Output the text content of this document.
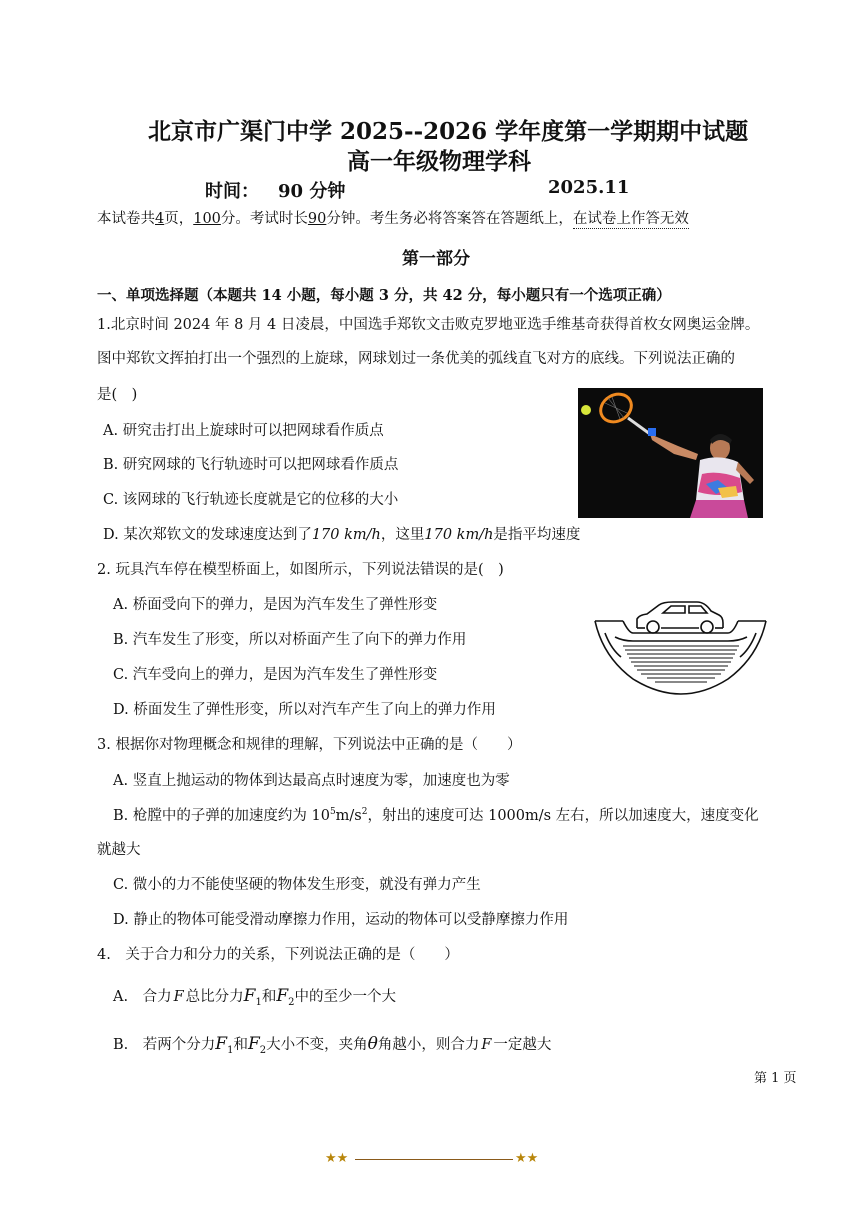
北京市广渠门中学 2025--2026 学年度第一学期期中试题
高一年级物理学科
时间： 90 分钟	2025.11
本试卷共4页，100分。考试时长90分钟。考生务必将答案答在答题纸上，在试卷上作答无效
第一部分
一、单项选择题（本题共 14 小题，每小题 3 分，共 42 分，每小题只有一个选项正确）
1.北京时间 2024 年 8 月 4 日凌晨，中国选手郑钦文击败克罗地亚选手维基奇获得首枚女网奥运金牌。
图中郑钦文挥拍打出一个强烈的上旋球，网球划过一条优美的弧线直飞对方的底线。下列说法正确的
是( )
A. 研究击打出上旋球时可以把网球看作质点
B. 研究网球的飞行轨迹时可以把网球看作质点
C. 该网球的飞行轨迹长度就是它的位移的大小
D. 某次郑钦文的发球速度达到了170 km/h，这里170 km/h是指平均速度
2. 玩具汽车停在模型桥面上，如图所示，下列说法错误的是( )
A. 桥面受向下的弹力，是因为汽车发生了弹性形变
B. 汽车发生了形变，所以对桥面产生了向下的弹力作用
C. 汽车受向上的弹力，是因为汽车发生了弹性形变
D. 桥面发生了弹性形变，所以对汽车产生了向上的弹力作用
3. 根据你对物理概念和规律的理解，下列说法中正确的是（  ）
A. 竖直上抛运动的物体到达最高点时速度为零，加速度也为零
B. 枪膛中的子弹的加速度约为 $10^5m/s^2$，射出的速度可达 1000m/s 左右，所以加速度大，速度变化
就越大
C. 微小的力不能使坚硬的物体发生形变，就没有弹力产生
D. 静止的物体可能受滑动摩擦力作用，运动的物体可以受静摩擦力作用
4. 关于合力和分力的关系，下列说法正确的是（  ）
A. 合力 F 总比分力$F_1$和$F_2$中的至少一个大
B. 若两个分力$F_1$和$F_2$大小不变，夹角θ角越小，则合力 F 一定越大
第 1 页
★★	★★
